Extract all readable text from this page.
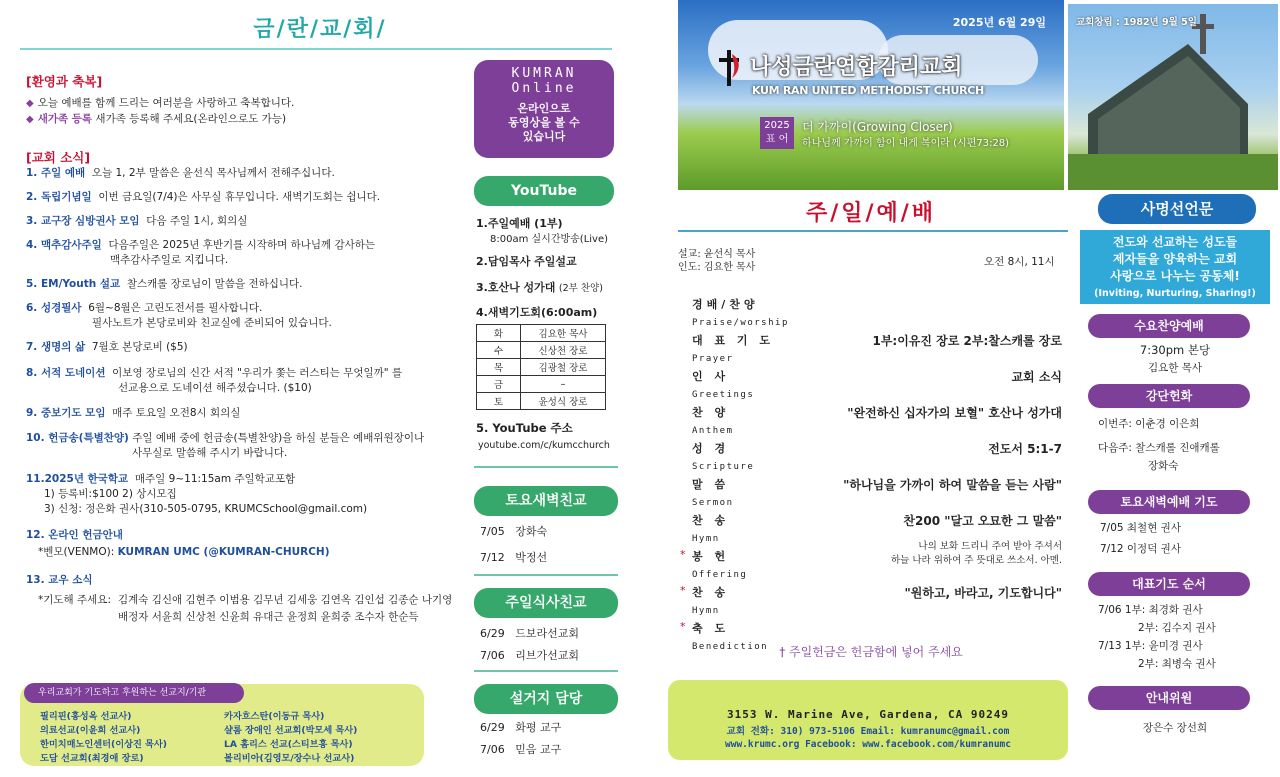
금/란/교/회/
[환영과 축복]
◆ 오늘 예배를 함께 드리는 여러분을 사랑하고 축복합니다.
◆ 새가족 등록 새가족 등록해 주세요(온라인으로도 가능)
[교회 소식]
1. 주일 예배 오늘 1, 2부 말씀은 윤선식 목사님께서 전해주십니다.
2. 독립기념일 이번 금요일(7/4)은 사무실 휴무입니다. 새벽기도회는 쉽니다.
3. 교구장 심방권사 모임 다음 주일 1시, 회의실
4. 맥추감사주일 다음주일은 2025년 후반기를 시작하며 하나님께 감사하는
맥추감사주일로 지킵니다.
5. EM/Youth 설교 찰스캐롤 장로님이 말씀을 전하십니다.
6. 성경필사 6월~8월은 고린도전서를 필사합니다.
필사노트가 본당로비와 친교실에 준비되어 있습니다.
7. 생명의 삶 7월호 본당로비 ($5)
8. 서적 도네이션 이보영 장로님의 신간 서적 "우리가 쫓는 러스티는 무엇일까" 를
선교용으로 도네이션 해주셨습니다. ($10)
9. 중보기도 모임 매주 토요일 오전8시 회의실
10. 헌금송(특별찬양) 주일 예배 중에 헌금송(특별찬양)을 하실 분들은 예배위원장이나
사무실로 말씀해 주시기 바랍니다.
11.2025년 한국학교 매주일 9~11:15am 주일학교포함
1) 등록비:$100 2) 상시모집
3) 신청: 정은화 권사(310-505-0795, KRUMCSchool@gmail.com)
12. 온라인 헌금안내
*벤모(VENMO): KUMRAN UMC (@KUMRAN-CHURCH)
13. 교우 소식
*기도해 주세요: 김계숙 김신애 김현주 이범용 김무년 김세웅 김연옥 김인섭 김종순 나기영
배정자 서윤희 신상천 신윤희 유대근 윤정희 윤희중 조수자 한순득
우리교회가 기도하고 후원하는 선교지/기관
필리핀(홍성옥 선교사)
의료선교(이윤희 선교사)
한미치매노인센터(이상진 목사)
도담 선교회(최경애 장로)
카자흐스탄(이동규 목사)
샬롬 장애인 선교회(박모세 목사)
LA 홈리스 선교(스티브홍 목사)
볼리비아(김영모/장수나 선교사)
KUMRAN
Online
온라인으로
동영상을 볼 수
있습니다
YouTube
1.주일예배 (1부)
8:00am 실시간방송(Live)
2.담임목사 주일설교
3.호산나 성가대 (2부 찬양)
4.새벽기도회(6:00am)
화	김요한 목사
수	신상천 장로
목	김광철 장로
금	–
토	윤성식 장로
5. YouTube 주소
youtube.com/c/kumcchurch
토요새벽친교
7/05 장화숙
7/12 박정선
주일식사친교
6/29 드보라선교회
7/06 리브가선교회
설거지 담당
6/29 화평 교구
7/06 믿음 교구
2025년 6월 29일
나성금란연합감리교회
KUM RAN UNITED METHODIST CHURCH
2025
표 어
더 가까이(Growing Closer)
하나님께 가까이 함이 내게 복이라 (시편73:28)
주/일/예/배
설교: 윤선식 목사
인도: 김요한 목사	오전 8시, 11시
경배/찬양
Praise/worship
대 표 기 도
Prayer
1부:이유진 장로 2부:찰스캐롤 장로
인 사
Greetings
교회 소식
찬 양
Anthem
"완전하신 십자가의 보혈" 호산나 성가대
성 경
Scripture
전도서 5:1-7
말 씀
Sermon
"하나님을 가까이 하여 말씀을 듣는 사람"
찬 송
Hymn
찬200 "달고 오묘한 그 말씀"
* 봉 헌
Offering
나의 보화 드리니 주여 받아 주셔서
하늘 나라 위하여 주 뜻대로 쓰소서. 아멘.
* 찬 송
Hymn
"원하고, 바라고, 기도합니다"
* 축 도
Benediction † 주일헌금은 헌금함에 넣어 주세요
3153 W. Marine Ave, Gardena, CA 90249
교회 전화: 310) 973-5106 Email: kumranumc@gmail.com
www.krumc.org Facebook: www.facebook.com/kumranumc
교회창립 : 1982년 9월 5일
사명선언문
전도와 선교하는 성도들
제자들을 양육하는 교회
사랑으로 나누는 공동체!
(Inviting, Nurturing, Sharing!)
수요찬양예배
7:30pm 본당
김요한 목사
강단헌화
이번주: 이춘경 이은희
다음주: 찰스캐롤 진애캐롤
장화숙
토요새벽예배 기도
7/05 최철현 권사
7/12 이정덕 권사
대표기도 순서
7/06 1부: 최경화 권사
2부: 김수지 권사
7/13 1부: 윤미경 권사
2부: 최병숙 권사
안내위원
장은수 장선희
